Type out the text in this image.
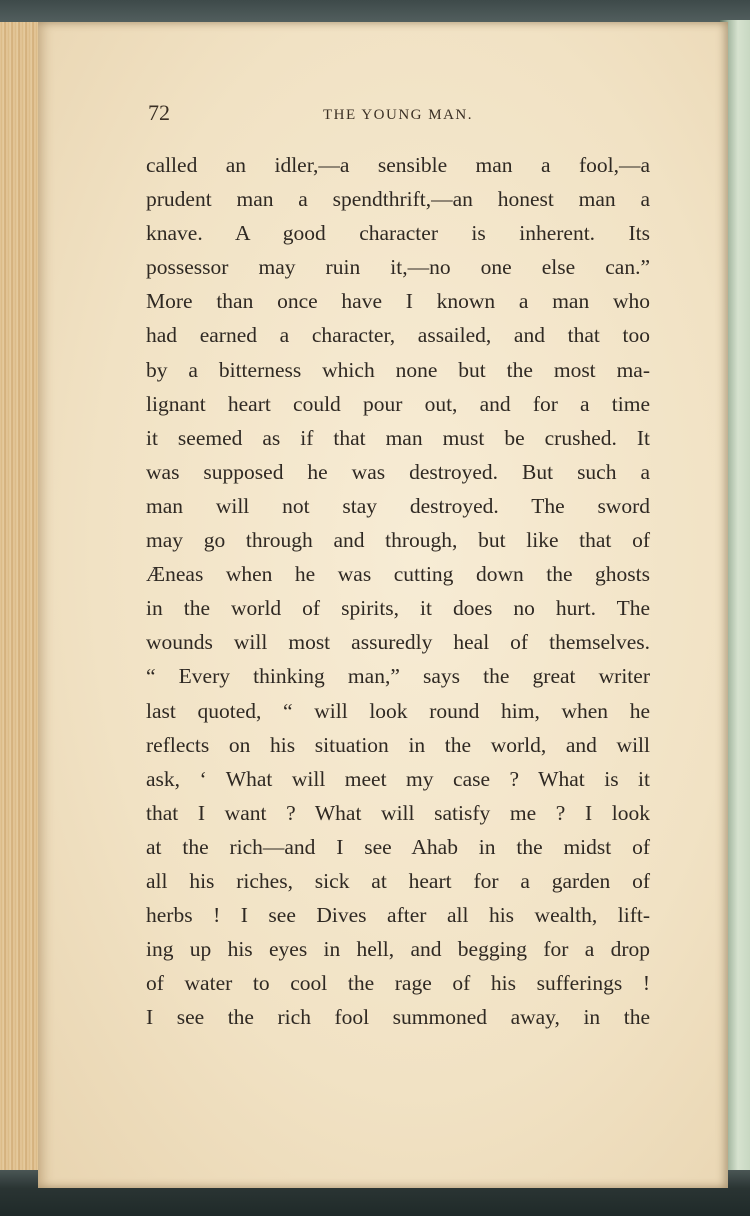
72	THE YOUNG MAN.
called an idler,—a sensible man a fool,—a
prudent man a spendthrift,—an honest man a
knave. A good character is inherent. Its
possessor may ruin it,—no one else can.”
More than once have I known a man who
had earned a character, assailed, and that too
by a bitterness which none but the most ma-
lignant heart could pour out, and for a time
it seemed as if that man must be crushed. It
was supposed he was destroyed. But such a
man will not stay destroyed. The sword
may go through and through, but like that of
Æneas when he was cutting down the ghosts
in the world of spirits, it does no hurt. The
wounds will most assuredly heal of themselves.
“ Every thinking man,” says the great writer
last quoted, “ will look round him, when he
reflects on his situation in the world, and will
ask, ‘ What will meet my case ? What is it
that I want ? What will satisfy me ? I look
at the rich—and I see Ahab in the midst of
all his riches, sick at heart for a garden of
herbs ! I see Dives after all his wealth, lift-
ing up his eyes in hell, and begging for a drop
of water to cool the rage of his sufferings !
I see the rich fool summoned away, in the
